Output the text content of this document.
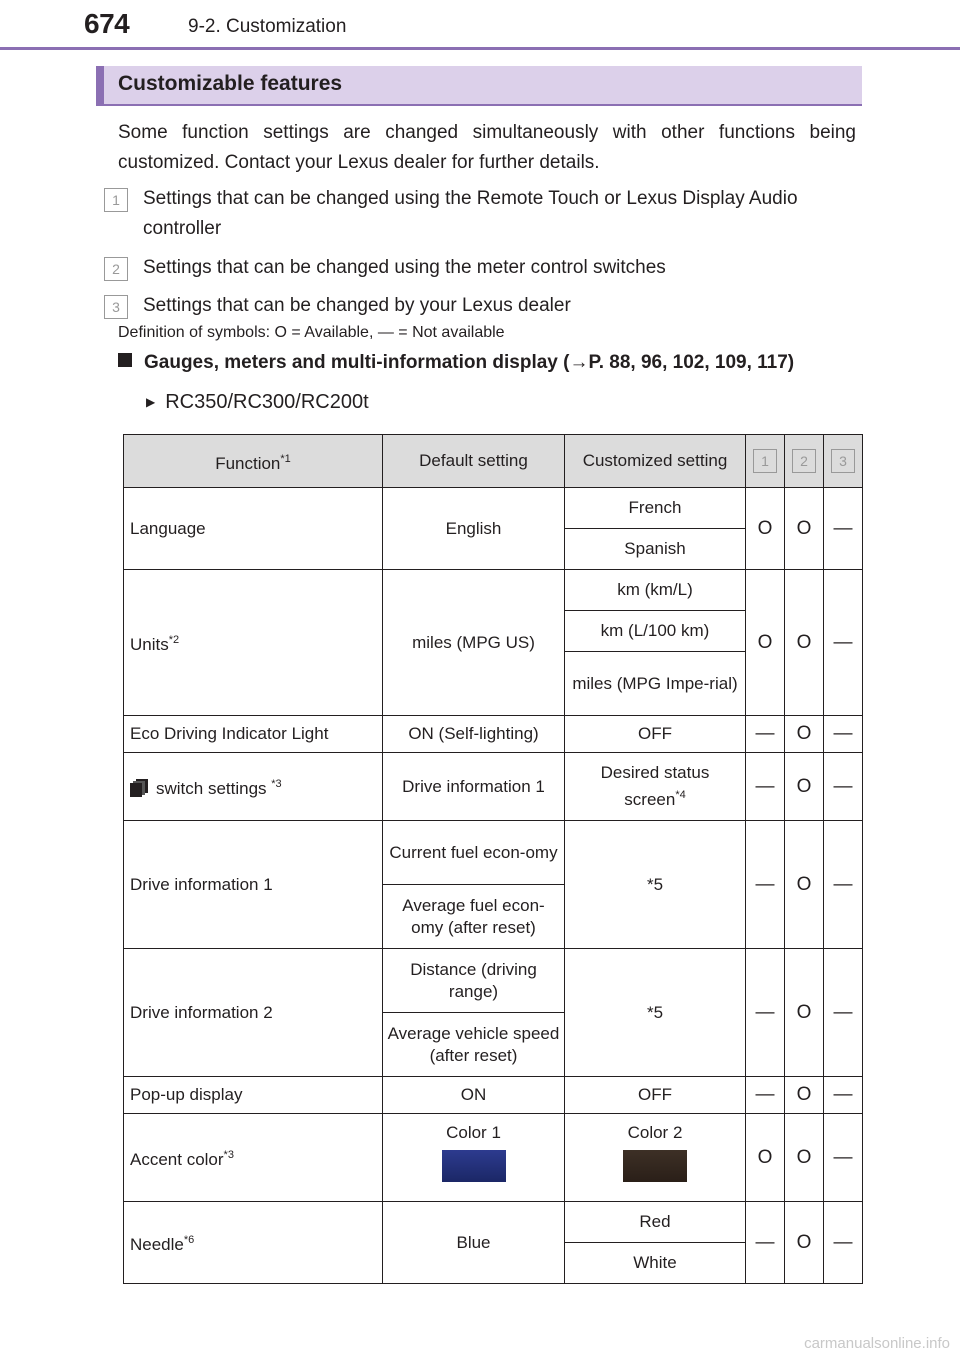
674	9-2. Customization
Customizable features
Some function settings are changed simultaneously with other functions being customized. Contact your Lexus dealer for further details.
1	Settings that can be changed using the Remote Touch or Lexus Display Audio controller
2	Settings that can be changed using the meter control switches
3	Settings that can be changed by your Lexus dealer
Definition of symbols: O = Available, — = Not available
Gauges, meters and multi-information display (→P. 88, 96, 102, 109, 117)
▶ RC350/RC300/RC200t
Function$^{*1}$	Default setting	Customized setting	1	2	3
Language	English	French	O	O	—
		Spanish			
Units$^{*2}$	miles (MPG US)	km (km/L)	O	O	—
		km (L/100 km)			
		miles (MPG Impe-rial)			
Eco Driving Indicator Light	ON (Self-lighting)	OFF	—	O	—

switch settings $^{*3}$	Drive information 1	Desired status screen$^{*4}$	—	O	—
Drive information 1	Current fuel econ-omy	*5	—	O	—
	Average fuel econ-omy (after reset)				
Drive information 2	Distance (driving range)	*5	—	O	—
	Average vehicle speed (after reset)				
Pop-up display	ON	OFF	—	O	—
Accent color$^{*3}$	Color 1	Color 2	O	O	—
Needle$^{*6}$	Blue	Red	—	O	—
		White			
carmanualsonline.info
